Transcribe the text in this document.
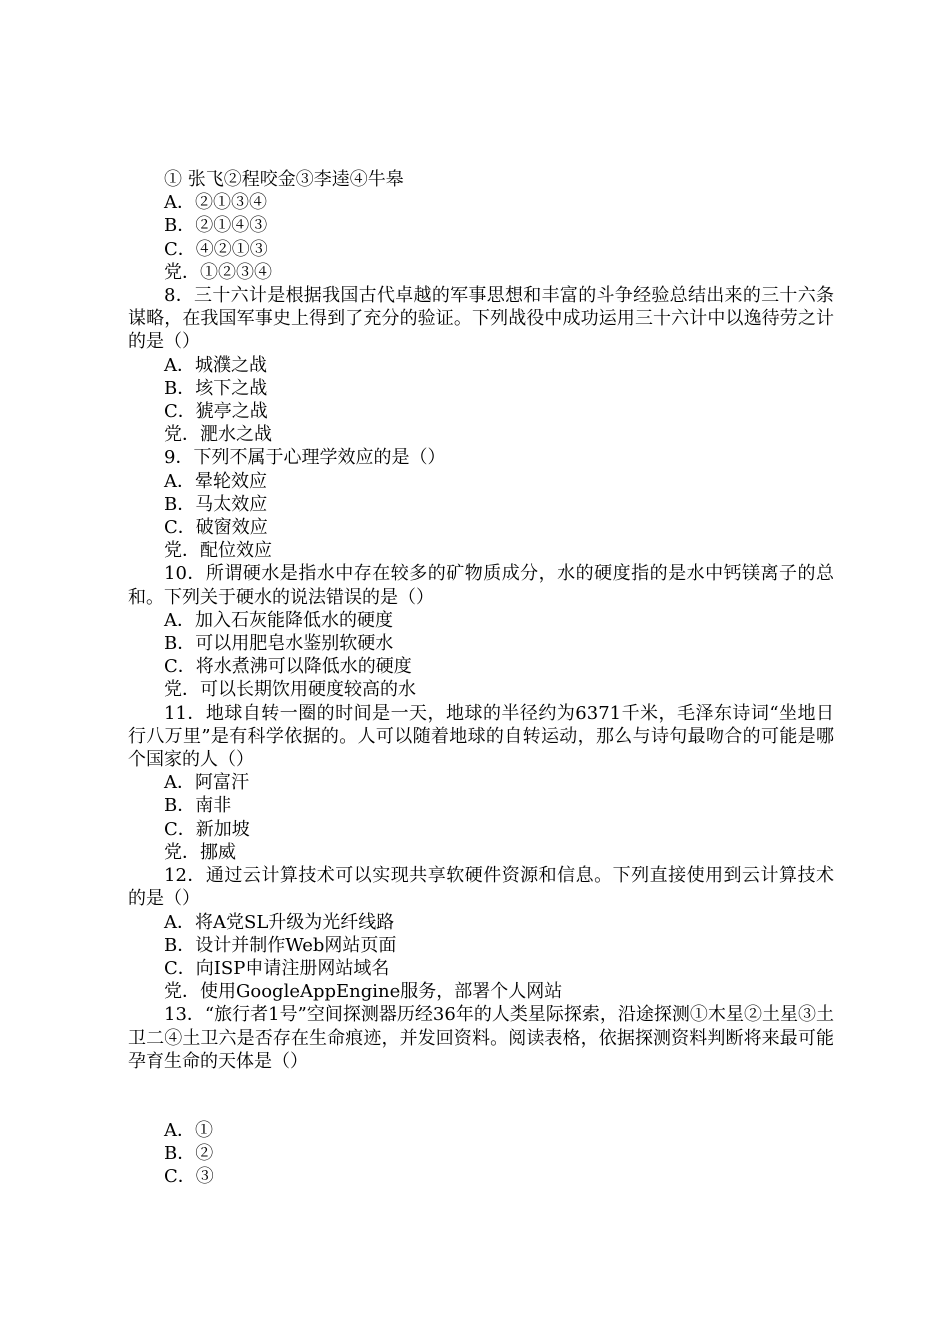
① 张飞②程咬金③李逵④牛皋

A．②①③④

B．②①④③

C．④②①③

党．①②③④

8．三十六计是根据我国古代卓越的军事思想和丰富的斗争经验总结出来的三十六条谋略，在我国军事史上得到了充分的验证。下列战役中成功运用三十六计中以逸待劳之计的是（）

A．城濮之战

B．垓下之战

C．猇亭之战

党．淝水之战

9．下列不属于心理学效应的是（）

A．晕轮效应

B．马太效应

C．破窗效应

党．配位效应

10．所谓硬水是指水中存在较多的矿物质成分，水的硬度指的是水中钙镁离子的总和。下列关于硬水的说法错误的是（）

A．加入石灰能降低水的硬度

B．可以用肥皂水鉴别软硬水

C．将水煮沸可以降低水的硬度

党．可以长期饮用硬度较高的水

11．地球自转一圈的时间是一天，地球的半径约为6371千米，毛泽东诗词“坐地日行八万里”是有科学依据的。人可以随着地球的自转运动，那么与诗句最吻合的可能是哪个国家的人（）

A．阿富汗

B．南非

C．新加坡

党．挪威

12．通过云计算技术可以实现共享软硬件资源和信息。下列直接使用到云计算技术的是（）

A．将A党SL升级为光纤线路

B．设计并制作Web网站页面

C．向ISP申请注册网站域名

党．使用GoogleAppEngine服务，部署个人网站

13．“旅行者1号”空间探测器历经36年的人类星际探索，沿途探测①木星②土星③土卫二④土卫六是否存在生命痕迹，并发回资料。阅读表格，依据探测资料判断将来最可能孕育生命的天体是（）

A．①

B．②

C．③
